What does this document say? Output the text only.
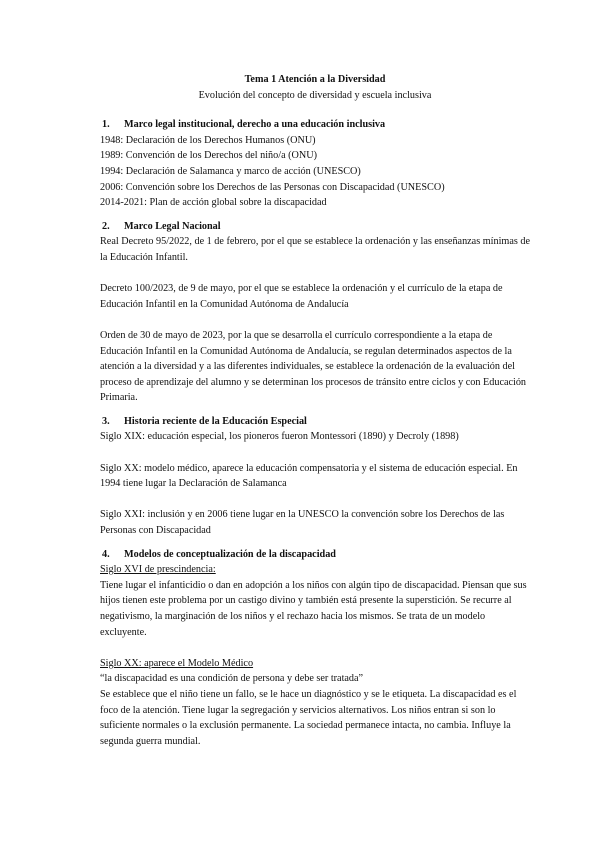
Tema 1 Atención a la Diversidad
Evolución del concepto de diversidad y escuela inclusiva
1. Marco legal institucional, derecho a una educación inclusiva
1948: Declaración de los Derechos Humanos (ONU)
1989: Convención de los Derechos del niño/a (ONU)
1994: Declaración de Salamanca y marco de acción (UNESCO)
2006: Convención sobre los Derechos de las Personas con Discapacidad (UNESCO)
2014-2021: Plan de acción global sobre la discapacidad
2. Marco Legal Nacional

Real Decreto 95/2022, de 1 de febrero, por el que se establece la ordenación y las enseñanzas mínimas de la Educación Infantil.

Decreto 100/2023, de 9 de mayo, por el que se establece la ordenación y el currículo de la etapa de Educación Infantil en la Comunidad Autónoma de Andalucía

Orden de 30 de mayo de 2023, por la que se desarrolla el currículo correspondiente a la etapa de Educación Infantil en la Comunidad Autónoma de Andalucía, se regulan determinados aspectos de la atención a la diversidad y a las diferentes individuales, se establece la ordenación de la evaluación del proceso de aprendizaje del alumno y se determinan los procesos de tránsito entre ciclos y con Educación Primaria.

3. Historia reciente de la Educación Especial

Siglo XIX: educación especial, los pioneros fueron Montessori (1890) y Decroly (1898)

Siglo XX: modelo médico, aparece la educación compensatoria y el sistema de educación especial. En 1994 tiene lugar la Declaración de Salamanca

Siglo XXI: inclusión y en 2006 tiene lugar en la UNESCO la convención sobre los Derechos de las Personas con Discapacidad

4. Modelos de conceptualización de la discapacidad
Siglo XVI de prescindencia:

Tiene lugar el infanticidio o dan en adopción a los niños con algún tipo de discapacidad. Piensan que sus hijos tienen este problema por un castigo divino y también está presente la superstición. Se recurre al negativismo, la marginación de los niños y el rechazo hacia los mismos. Se trata de un modelo excluyente.

Siglo XX: aparece el Modelo Médico
“la discapacidad es una condición de persona y debe ser tratada”

Se establece que el niño tiene un fallo, se le hace un diagnóstico y se le etiqueta. La discapacidad es el foco de la atención. Tiene lugar la segregación y servicios alternativos. Los niños entran si son lo suficiente normales o la exclusión permanente. La sociedad permanece intacta, no cambia. Influye la segunda guerra mundial.
